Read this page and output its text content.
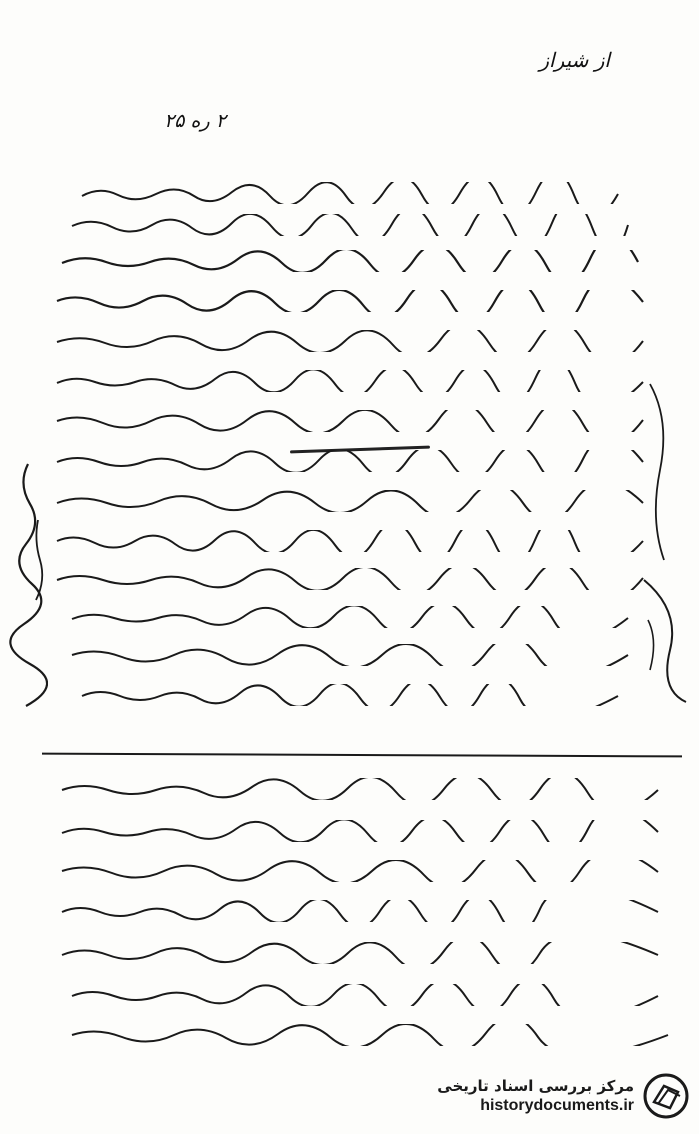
از شیراز
۲ ره ۲۵
مرکز بررسی اسناد تاریخی
historydocuments.ir
